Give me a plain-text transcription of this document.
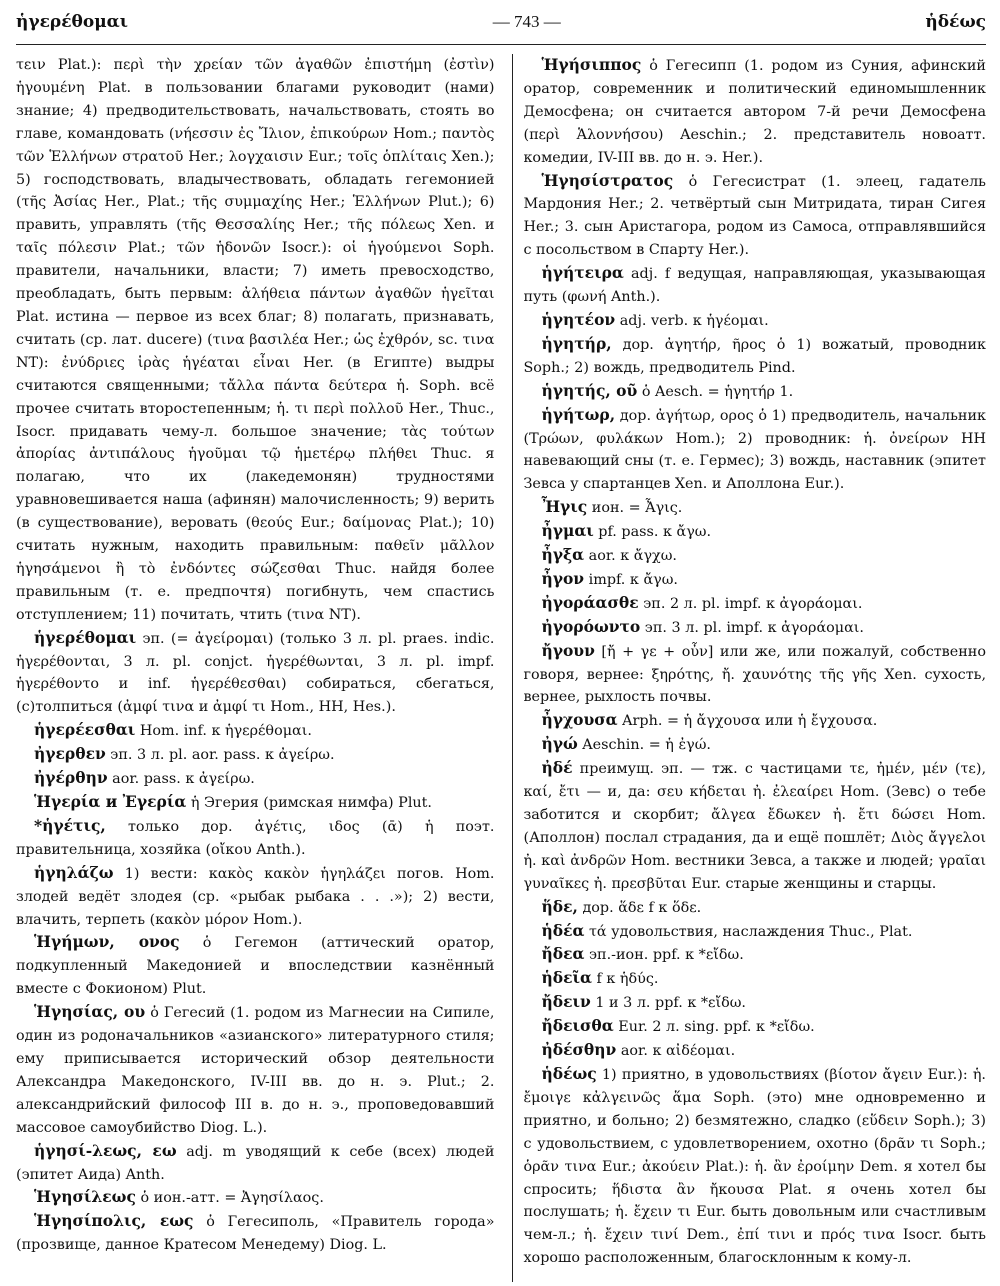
ἡγερέθομαι	— 743 —	ἡδέως

τειν Plat.): περὶ τὴν χρείαν τῶν ἀγαθῶν ἐπιστήμη (ἐστὶν) ἡγουμένη Plat. в пользовании благами руководит (нами) знание; 4) предводительствовать, начальствовать, стоять во главе, командовать (νήεσσιν ἐς Ἴλιον, ἐπικούρων Hom.; παντὸς τῶν Ἑλλήνων στρατοῦ Her.; λογχαισιν Eur.; τοῖς ὁπλίταις Xen.); 5) господствовать, владычествовать, обладать гегемонией (τῆς Ἀσίας Her., Plat.; τῆς συμμαχίης Her.; Ἑλλήνων Plut.); 6) править, управлять (τῆς Θεσσαλίης Her.; τῆς πόλεως Xen. и ταῖς πόλεσιν Plat.; τῶν ἡδονῶν Isocr.): οἱ ἡγούμενοι Soph. правители, начальники, власти; 7) иметь превосходство, преобладать, быть первым: ἀλήθεια πάντων ἀγαθῶν ἡγεῖται Plat. истина — первое из всех благ; 8) полагать, признавать, считать (ср. лат. ducere) (τινα βασιλέα Her.; ὡς ἐχθρόν, sc. τινα NT): ἐνύδριες ἱρὰς ἡγέαται εἶναι Her. (в Египте) выдры считаются священными; τἄλλα πάντα δεύτερα ἡ. Soph. всё прочее считать второстепенным; ἡ. τι περὶ πολλοῦ Her., Thuc., Isocr. придавать чему-л. большое значение; τὰς τούτων ἀπορίας ἀντιπάλους ἡγοῦμαι τῷ ἡμετέρῳ πλήθει Thuc. я полагаю, что их (лакедемонян) трудностями уравновешивается наша (афинян) малочисленность; 9) верить (в существование), веровать (θεούς Eur.; δαίμονας Plat.); 10) считать нужным, находить правильным: παθεῖν μᾶλλον ἡγησάμενοι ἢ τὸ ἐνδόντες σώζεσθαι Thuc. найдя более правильным (т. е. предпочтя) погибнуть, чем спастись отступлением; 11) почитать, чтить (τινα NT).

ἡγερέθομαι эп. (= ἀγείρομαι) (только 3 л. pl. praes. indic. ἡγερέθονται, 3 л. pl. conjct. ἡγερέθωνται, 3 л. pl. impf. ἡγερέθοντο и inf. ἡγερέθεσθαι) собираться, сбегаться, (с)толпиться (ἀμφί τινα и ἀμφί τι Hom., HH, Hes.).

ἡγερέεσθαι Hom. inf. к ἡγερέθομαι.

ἠγερθεν эп. 3 л. pl. aor. pass. к ἀγείρω.

ἠγέρθην aor. pass. к ἀγείρω.

Ἡγερία и Ἐγερία ἡ Эгерия (римская нимфа) Plut.

*ἡγέτις, только дор. ἀγέτις, ιδος (ᾱ) ἡ поэт. правительница, хозяйка (οἴκου Anth.).

ἡγηλάζω 1) вести: κακὸς κακὸν ἡγηλάζει погов. Hom. злодей ведёт злодея (ср. «рыбак рыбака . . .»); 2) вести, влачить, терпеть (κακὸν μόρον Hom.).

Ἡγήμων, ονος ὁ Гегемон (аттический оратор, подкупленный Македонией и впоследствии казнённый вместе с Фокионом) Plut.

Ἡγησίας, ου ὁ Гегесий (1. родом из Магнесии на Сипиле, один из родоначальников «азианского» литературного стиля; ему приписывается исторический обзор деятельности Александра Македонского, IV-III вв. до н. э. Plut.; 2. александрийский философ III в. до н. э., проповедовавший массовое самоубийство Diog. L.).

ἡγησί-λεως, εω adj. m уводящий к себе (всех) людей (эпитет Аида) Anth.

Ἡγησίλεως ὁ ион.-атт. = Ἀγησίλαος.

Ἡγησίπολις, εως ὁ Гегесиполь, «Правитель города» (прозвище, данное Кратесом Менедему) Diog. L.

Ἡγήσιππος ὁ Гегесипп (1. родом из Суния, афинский оратор, современник и политический единомышленник Демосфена; он считается автором 7-й речи Демосфена (περὶ Ἁλοννήσου) Aeschin.; 2. представитель новоатт. комедии, IV-III вв. до н. э. Her.).

Ἡγησίστρατος ὁ Гегесистрат (1. элеец, гадатель Мардония Her.; 2. четвёртый сын Митридата, тиран Сигея Her.; 3. сын Аристагора, родом из Самоса, отправлявшийся с посольством в Спарту Her.).

ἡγήτειρα adj. f ведущая, направляющая, указывающая путь (φωνή Anth.).

ἡγητέον adj. verb. к ἡγέομαι.

ἡγητήρ, дор. ἀγητήρ, ῆρος ὁ 1) вожатый, проводник Soph.; 2) вождь, предводитель Pind.

ἡγητής, οῦ ὁ Aesch. = ἡγητήρ 1.

ἡγήτωρ, дор. ἀγήτωρ, ορος ὁ 1) предводитель, начальник (Τρώων, φυλάκων Hom.); 2) проводник: ἡ. ὀνείρων HH навевающий сны (т. е. Гермес); 3) вождь, наставник (эпитет Зевса у спартанцев Xen. и Аполлона Eur.).

Ἦγις ион. = Ἆγις.

ἦγμαι pf. pass. к ἄγω.

ἦγξα aor. к ἄγχω.

ἦγον impf. к ἄγω.

ἠγοράασθε эп. 2 л. pl. impf. к ἀγοράομαι.

ἠγορόωντο эп. 3 л. pl. impf. к ἀγοράομαι.

ἤγουν [ἤ + γε + οὖν] или же, или пожалуй, собственно говоря, вернее: ξηρότης, ἤ. χαυνότης τῆς γῆς Xen. сухость, вернее, рыхлость почвы.

ἦγχουσα Arph. = ἡ ἄγχουσα или ἡ ἔγχουσα.

ἠγώ Aeschin. = ἡ ἐγώ.

ἠδέ преимущ. эп. — тж. с частицами τε, ἠμέν, μέν (τε), καί, ἔτι — и, да: σευ κήδεται ἠ. ἐλεαίρει Hom. (Зевс) о тебе заботится и скорбит; ἄλγεα ἔδωκεν ἠ. ἔτι δώσει Hom. (Аполлон) послал страдания, да и ещё пошлёт; Διὸς ἄγγελοι ἠ. καὶ ἀνδρῶν Hom. вестники Зевса, а также и людей; γραῖαι γυναῖκες ἠ. πρεσβῦται Eur. старые женщины и старцы.

ἥδε, дор. ἅδε f к ὅδε.

ἡδέα τά удовольствия, наслаждения Thuc., Plat.

ἤδεα эп.-ион. ppf. к *εἴδω.

ἡδεῖα f к ἡδύς.

ἤδειν 1 и 3 л. ppf. к *εἴδω.

ἤδεισθα Eur. 2 л. sing. ppf. к *εἴδω.

ἠδέσθην aor. к αἰδέομαι.

ἡδέως 1) приятно, в удовольствиях (βίοτον ἄγειν Eur.): ἡ. ἔμοιγε κἀλγεινῶς ἅμα Soph. (это) мне одновременно и приятно, и больно; 2) безмятежно, сладко (εὕδειν Soph.); 3) с удовольствием, с удовлетворением, охотно (δρᾶν τι Soph.; ὁρᾶν τινα Eur.; ἀκούειν Plat.): ἡ. ἂν ἐροίμην Dem. я хотел бы спросить; ἥδιστα ἂν ἤκουσα Plat. я очень хотел бы послушать; ἡ. ἔχειν τι Eur. быть довольным или счастливым чем-л.; ἡ. ἔχειν τινί Dem., ἐπί τινι и πρός τινα Isocr. быть хорошо расположенным, благосклонным к кому-л.
